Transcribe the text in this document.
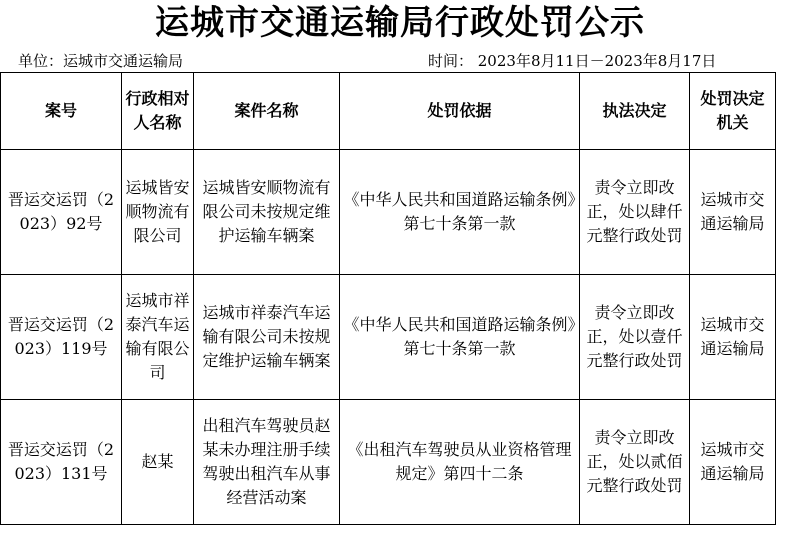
运城市交通运输局行政处罚公示
单位：运城市交通运输局	时间： 2023年8月11日－2023年8月17日
案号	行政相对人名称	案件名称	处罚依据	执法决定	处罚决定机关

晋运交运罚（2023）92号	运城皆安顺物流有限公司	运城皆安顺物流有限公司未按规定维护运输车辆案	《中华人民共和国道路运输条例》第七十条第一款	责令立即改正，处以肆仟元整行政处罚	运城市交通运输局

晋运交运罚（2023）119号	运城市祥泰汽车运输有限公司	运城市祥泰汽车运输有限公司未按规定维护运输车辆案	《中华人民共和国道路运输条例》第七十条第一款	责令立即改正，处以壹仟元整行政处罚	运城市交通运输局

晋运交运罚（2023）131号	赵某	出租汽车驾驶员赵某未办理注册手续驾驶出租汽车从事经营活动案	《出租汽车驾驶员从业资格管理规定》第四十二条	责令立即改正，处以贰佰元整行政处罚	运城市交通运输局
